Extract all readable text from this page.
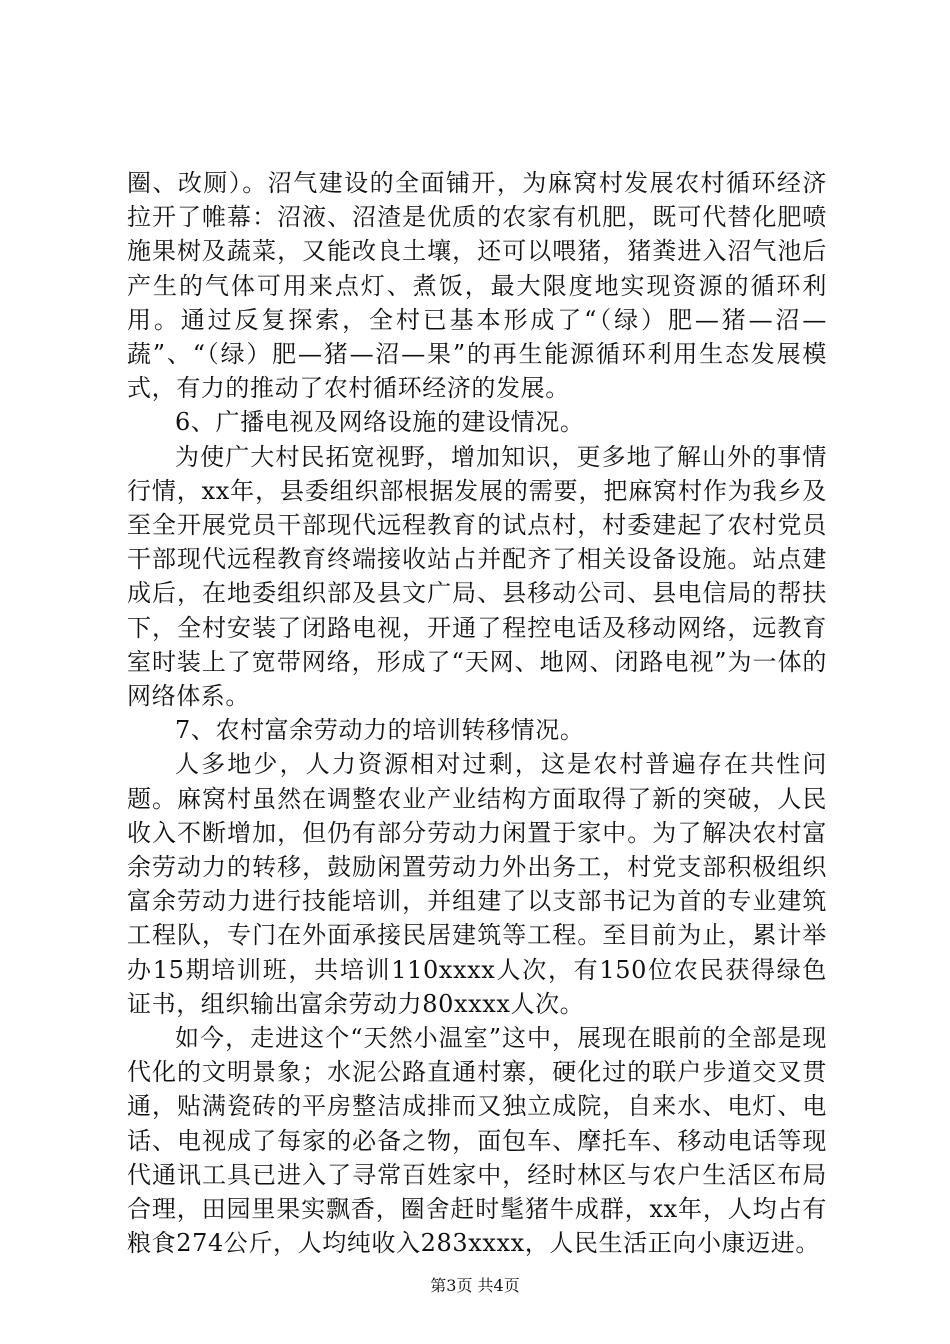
圈、改厕）。沼气建设的全面铺开，为麻窝村发展农村循环经济拉开了帷幕：沼液、沼渣是优质的农家有机肥，既可代替化肥喷施果树及蔬菜，又能改良土壤，还可以喂猪，猪粪进入沼气池后产生的气体可用来点灯、煮饭，最大限度地实现资源的循环利用。通过反复探索，全村已基本形成了“（绿）肥—猪—沼—蔬”、“（绿）肥—猪—沼—果”的再生能源循环利用生态发展模式，有力的推动了农村循环经济的发展。

6、广播电视及网络设施的建设情况。

为使广大村民拓宽视野，增加知识，更多地了解山外的事情行情，xx年，县委组织部根据发展的需要，把麻窝村作为我乡及至全开展党员干部现代远程教育的试点村，村委建起了农村党员干部现代远程教育终端接收站占并配齐了相关设备设施。站点建成后，在地委组织部及县文广局、县移动公司、县电信局的帮扶下，全村安装了闭路电视，开通了程控电话及移动网络，远教育室时装上了宽带网络，形成了“天网、地网、闭路电视”为一体的网络体系。

7、农村富余劳动力的培训转移情况。

人多地少，人力资源相对过剩，这是农村普遍存在共性问题。麻窝村虽然在调整农业产业结构方面取得了新的突破，人民收入不断增加，但仍有部分劳动力闲置于家中。为了解决农村富余劳动力的转移，鼓励闲置劳动力外出务工，村党支部积极组织富余劳动力进行技能培训，并组建了以支部书记为首的专业建筑工程队，专门在外面承接民居建筑等工程。至目前为止，累计举办15期培训班，共培训110xxxx人次，有150位农民获得绿色证书，组织输出富余劳动力80xxxx人次。

如今，走进这个“天然小温室”这中，展现在眼前的全部是现代化的文明景象；水泥公路直通村寨，硬化过的联户步道交叉贯通，贴满瓷砖的平房整洁成排而又独立成院，自来水、电灯、电话、电视成了每家的必备之物，面包车、摩托车、移动电话等现代通讯工具已进入了寻常百姓家中，经时林区与农户生活区布局合理，田园里果实飘香，圈舍赶时髦猪牛成群，xx年，人均占有粮食274公斤，人均纯收入283xxxx，人民生活正向小康迈进。

第3页 共4页
